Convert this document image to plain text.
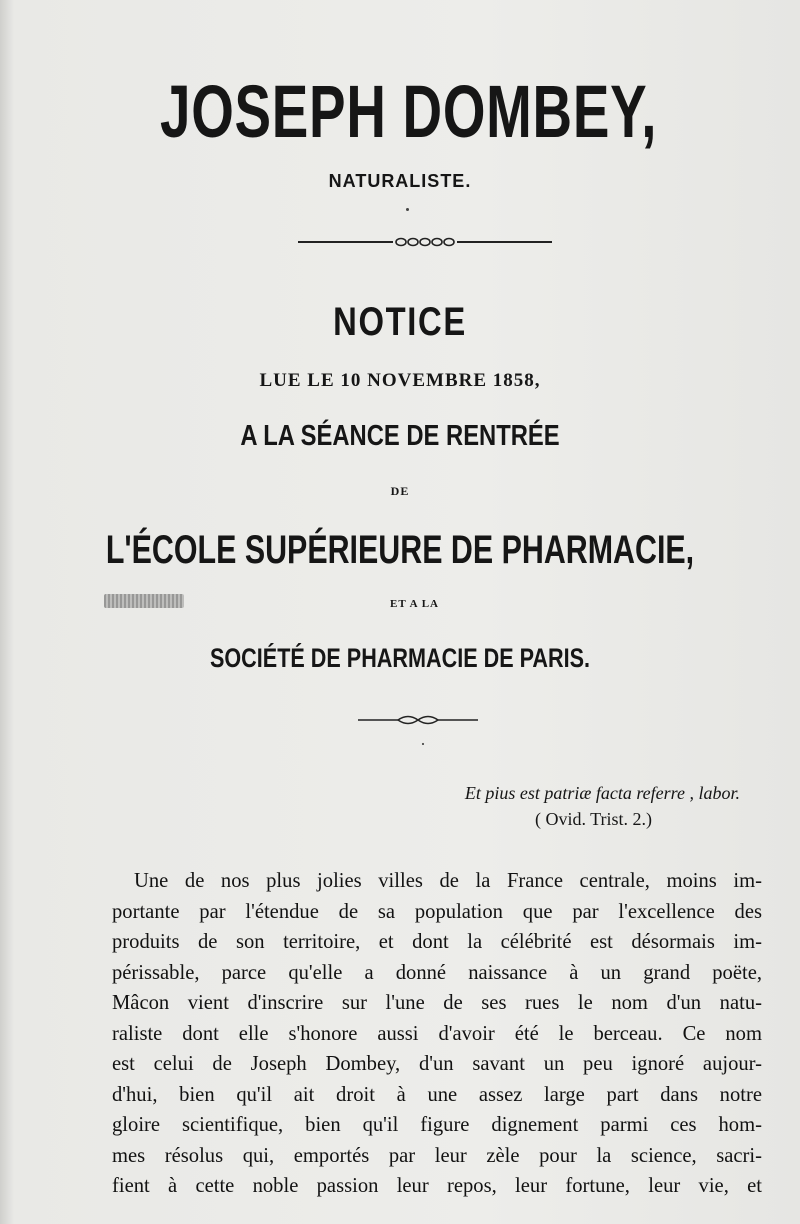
JOSEPH DOMBEY,
NATURALISTE.
NOTICE
LUE LE 10 NOVEMBRE 1858,
A LA SÉANCE DE RENTRÉE
DE
L'ÉCOLE SUPÉRIEURE DE PHARMACIE,
ET A LA
SOCIÉTÉ DE PHARMACIE DE PARIS.
·
Et pius est patriæ facta referre , labor.
( Ovid. Trist. 2.)
Une de nos plus jolies villes de la France centrale, moins im-
portante par l'étendue de sa population que par l'excellence des
produits de son territoire, et dont la célébrité est désormais im-
périssable, parce qu'elle a donné naissance à un grand poëte,
Mâcon vient d'inscrire sur l'une de ses rues le nom d'un natu-
raliste dont elle s'honore aussi d'avoir été le berceau. Ce nom
est celui de Joseph Dombey, d'un savant un peu ignoré aujour-
d'hui, bien qu'il ait droit à une assez large part dans notre
gloire scientifique, bien qu'il figure dignement parmi ces hom-
mes résolus qui, emportés par leur zèle pour la science, sacri-
fient à cette noble passion leur repos, leur fortune, leur vie, et
